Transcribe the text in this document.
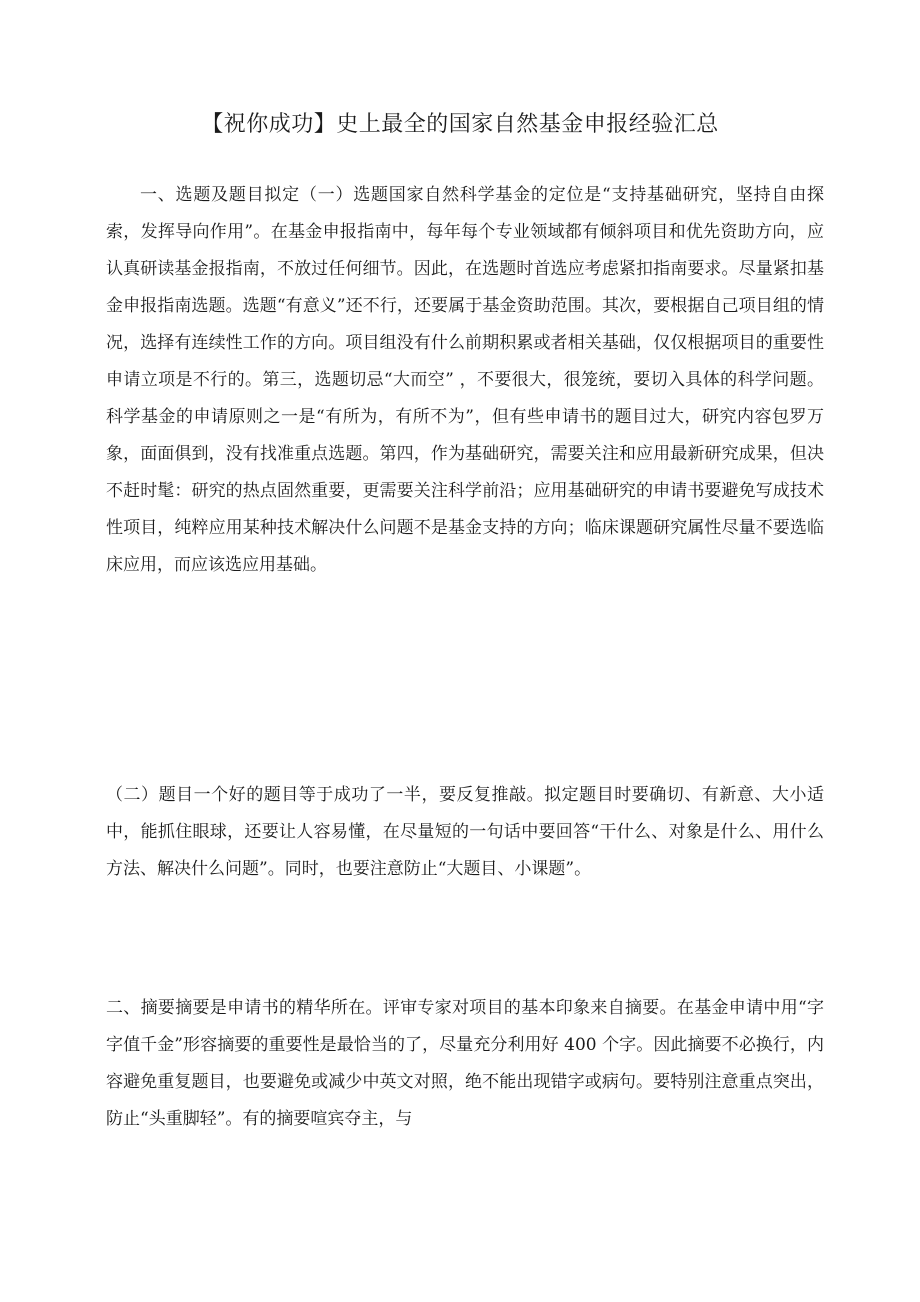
【祝你成功】史上最全的国家自然基金申报经验汇总

一、选题及题目拟定（一）选题国家自然科学基金的定位是“支持基础研究，坚持自由探索，发挥导向作用”。在基金申报指南中，每年每个专业领域都有倾斜项目和优先资助方向，应认真研读基金报指南，不放过任何细节。因此，在选题时首选应考虑紧扣指南要求。尽量紧扣基金申报指南选题。选题“有意义”还不行，还要属于基金资助范围。其次，要根据自己项目组的情况，选择有连续性工作的方向。项目组没有什么前期积累或者相关基础，仅仅根据项目的重要性申请立项是不行的。第三，选题切忌“大而空” ，不要很大，很笼统，要切入具体的科学问题。科学基金的申请原则之一是“有所为，有所不为”，但有些申请书的题目过大，研究内容包罗万象，面面俱到，没有找准重点选题。第四，作为基础研究，需要关注和应用最新研究成果，但决不赶时髦：研究的热点固然重要，更需要关注科学前沿；应用基础研究的申请书要避免写成技术性项目，纯粹应用某种技术解决什么问题不是基金支持的方向；临床课题研究属性尽量不要选临床应用，而应该选应用基础。

（二）题目一个好的题目等于成功了一半，要反复推敲。拟定题目时要确切、有新意、大小适中，能抓住眼球，还要让人容易懂，在尽量短的一句话中要回答“干什么、对象是什么、用什么方法、解决什么问题”。同时，也要注意防止“大题目、小课题”。

二、摘要摘要是申请书的精华所在。评审专家对项目的基本印象来自摘要。在基金申请中用“字字值千金”形容摘要的重要性是最恰当的了，尽量充分利用好 400 个字。因此摘要不必换行，内容避免重复题目，也要避免或减少中英文对照，绝不能出现错字或病句。要特别注意重点突出，防止“头重脚轻”。有的摘要喧宾夺主，与
